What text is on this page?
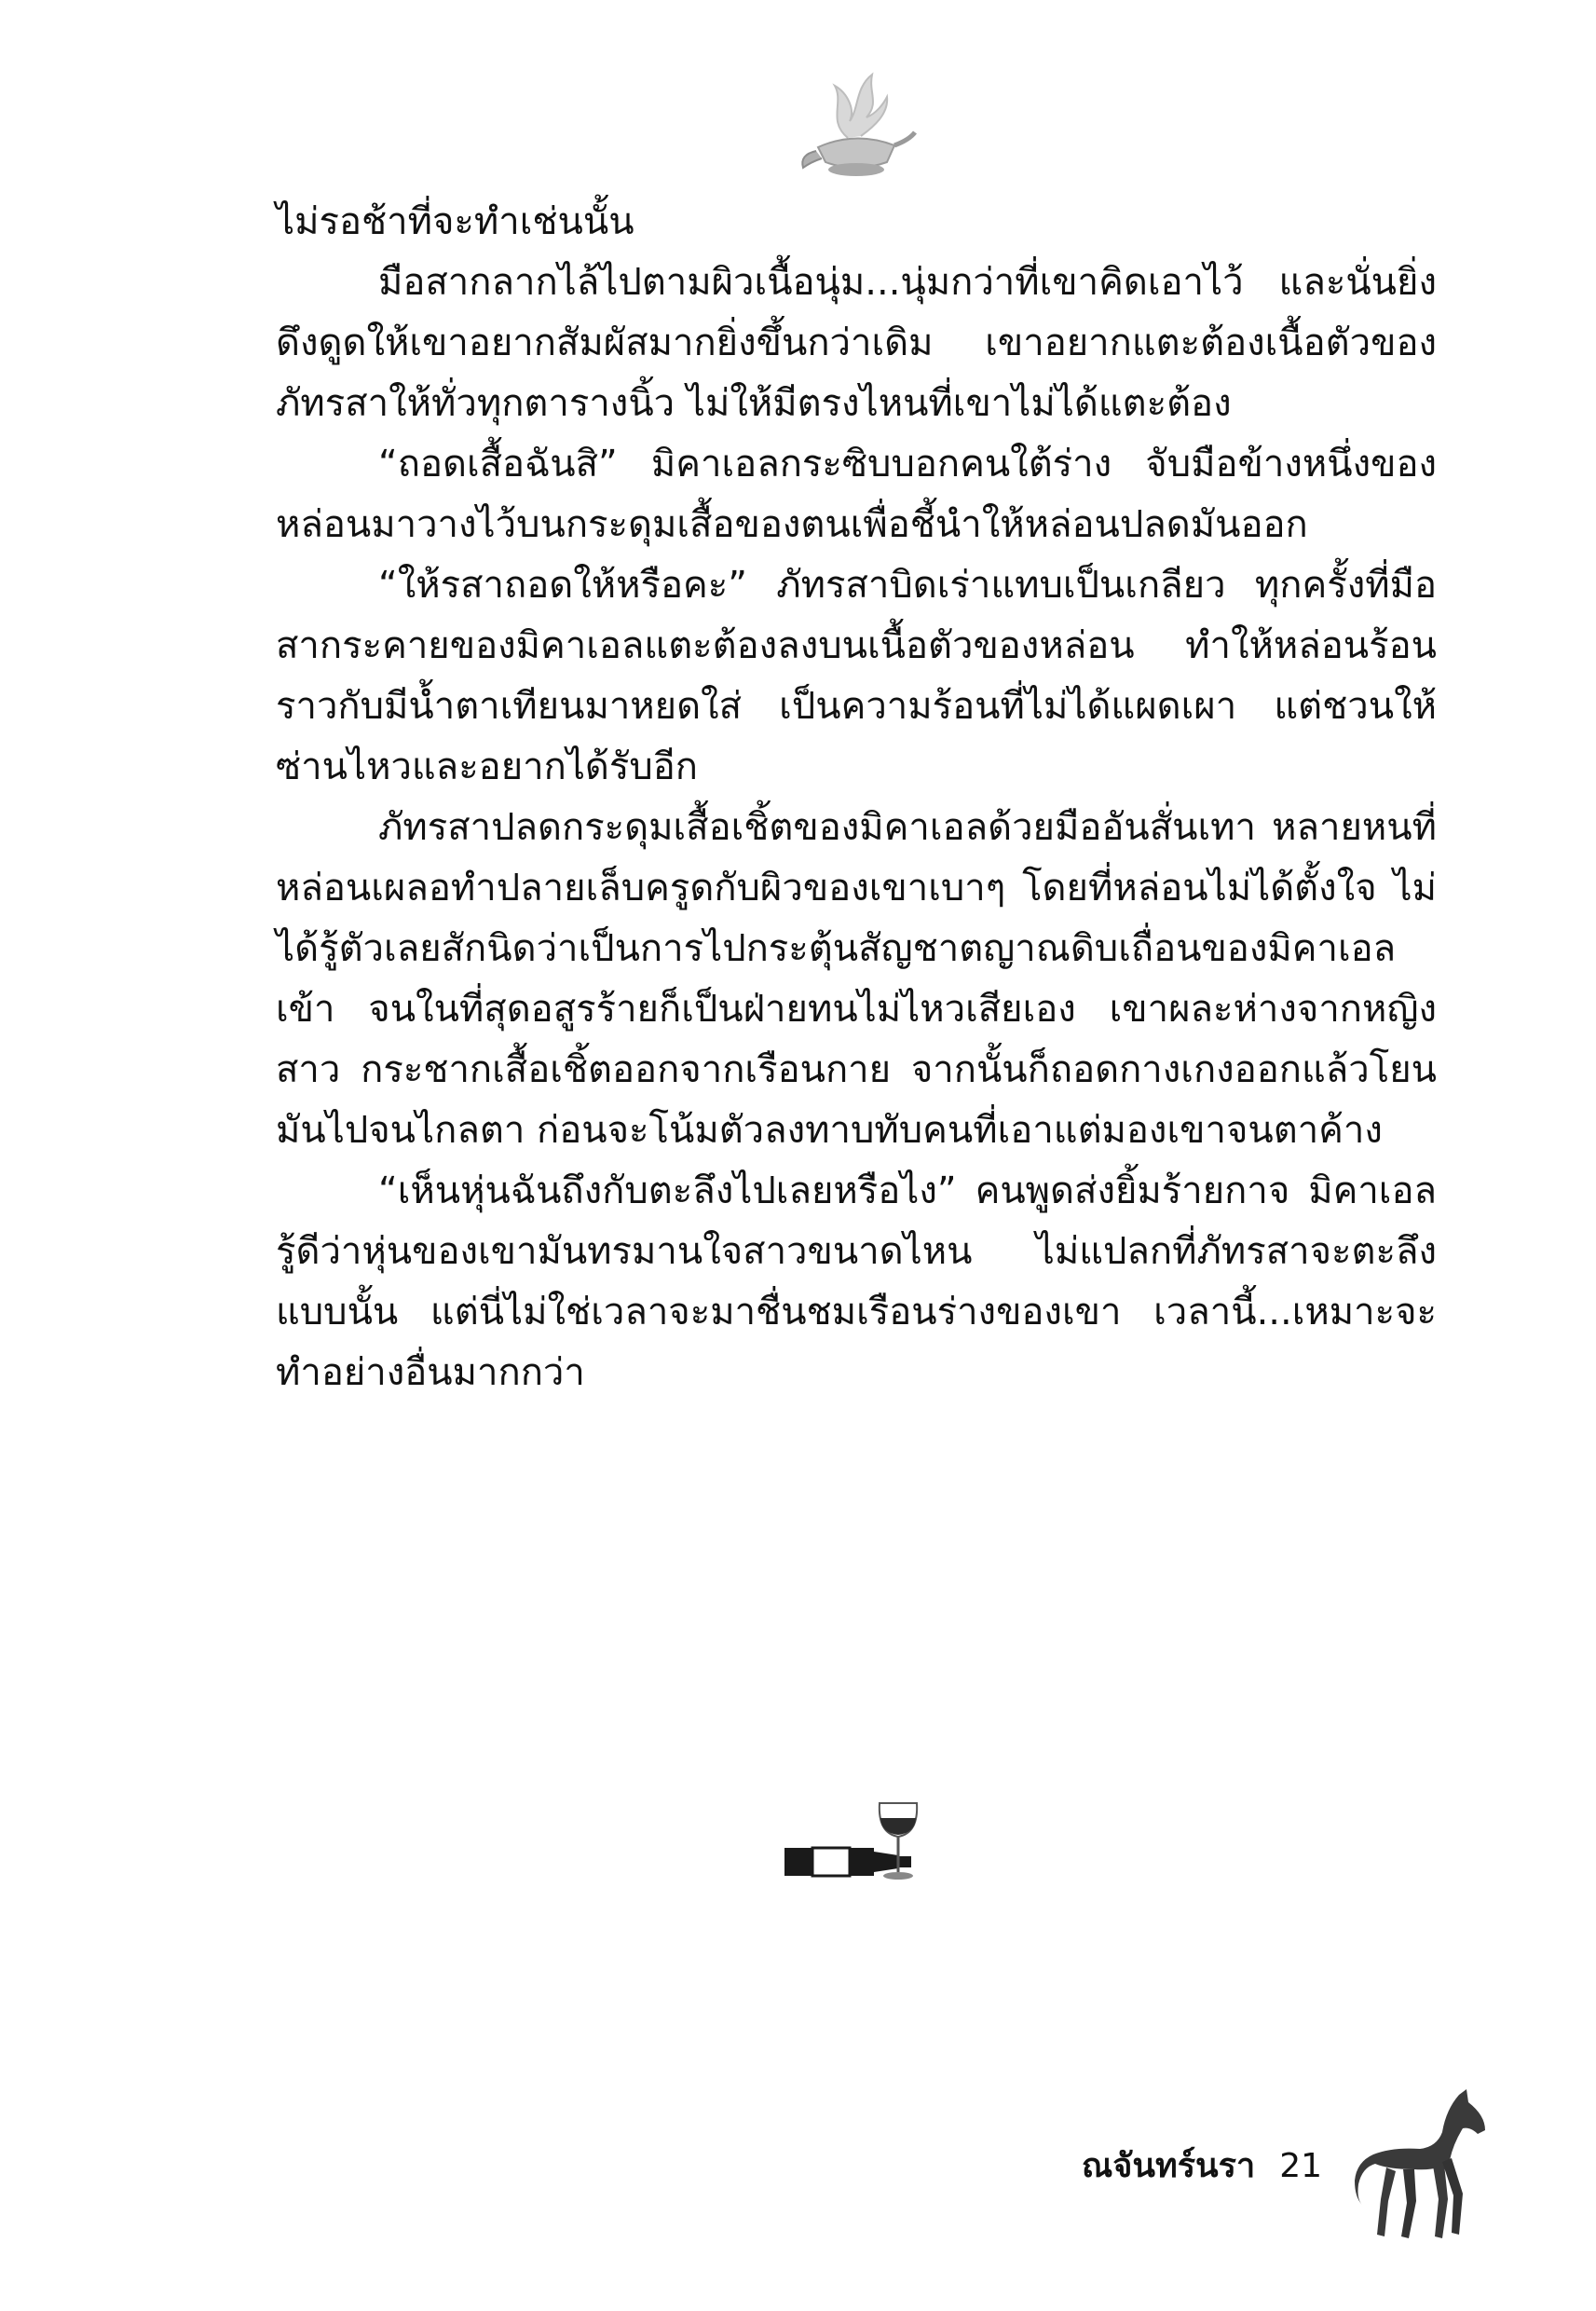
ไม่รอช้าที่จะทำเช่นนั้น

มือสากลากไล้ไปตามผิวเนื้อนุ่ม...นุ่มกว่าที่เขาคิดเอาไว้ และนั่นยิ่งดึงดูดให้เขาอยากสัมผัสมากยิ่งขึ้นกว่าเดิม เขาอยากแตะต้องเนื้อตัวของภัทรสาให้ทั่วทุกตารางนิ้ว ไม่ให้มีตรงไหนที่เขาไม่ได้แตะต้อง

“ถอดเสื้อฉันสิ” มิคาเอลกระซิบบอกคนใต้ร่าง จับมือข้างหนึ่งของหล่อนมาวางไว้บนกระดุมเสื้อของตนเพื่อชี้นำให้หล่อนปลดมันออก

“ให้รสาถอดให้หรือคะ” ภัทรสาบิดเร่าแทบเป็นเกลียว ทุกครั้งที่มือสากระคายของมิคาเอลแตะต้องลงบนเนื้อตัวของหล่อน ทำให้หล่อนร้อนราวกับมีน้ำตาเทียนมาหยดใส่ เป็นความร้อนที่ไม่ได้แผดเผา แต่ชวนให้ซ่านไหวและอยากได้รับอีก

ภัทรสาปลดกระดุมเสื้อเชิ้ตของมิคาเอลด้วยมืออันสั่นเทา หลายหนที่หล่อนเผลอทำปลายเล็บครูดกับผิวของเขาเบาๆ โดยที่หล่อนไม่ได้ตั้งใจ ไม่ได้รู้ตัวเลยสักนิดว่าเป็นการไปกระตุ้นสัญชาตญาณดิบเถื่อนของมิคาเอลเข้า จนในที่สุดอสูรร้ายก็เป็นฝ่ายทนไม่ไหวเสียเอง เขาผละห่างจากหญิงสาว กระชากเสื้อเชิ้ตออกจากเรือนกาย จากนั้นก็ถอดกางเกงออกแล้วโยนมันไปจนไกลตา ก่อนจะโน้มตัวลงทาบทับคนที่เอาแต่มองเขาจนตาค้าง

“เห็นหุ่นฉันถึงกับตะลึงไปเลยหรือไง” คนพูดส่งยิ้มร้ายกาจ มิคาเอลรู้ดีว่าหุ่นของเขามันทรมานใจสาวขนาดไหน ไม่แปลกที่ภัทรสาจะตะลึงแบบนั้น แต่นี่ไม่ใช่เวลาจะมาชื่นชมเรือนร่างของเขา เวลานี้...เหมาะจะทำอย่างอื่นมากกว่า

ณจันทร์นรา 21
